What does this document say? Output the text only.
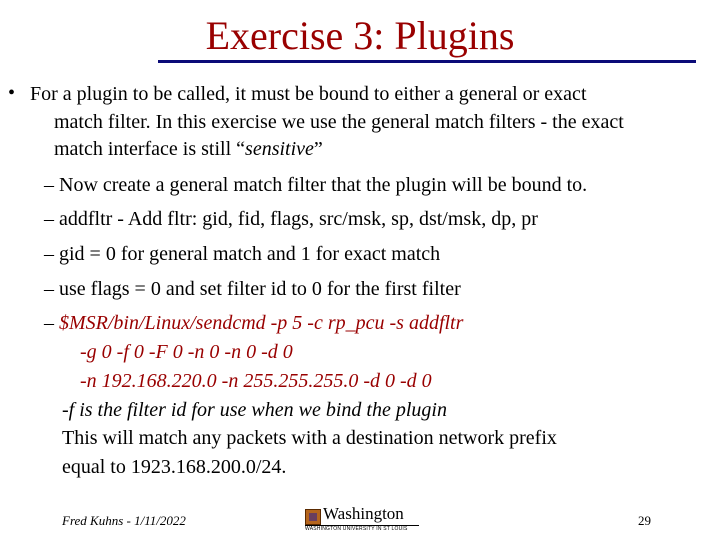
Exercise 3: Plugins
• For a plugin to be called, it must be bound to either a general or exact
match filter. In this exercise we use the general match filters - the exact
match interface is still “sensitive”
– Now create a general match filter that the plugin will be bound to.
– addfltr - Add fltr: gid, fid, flags, src/msk, sp, dst/msk, dp, pr
– gid = 0 for general match and 1 for exact match
– use flags = 0 and set filter id to 0 for the first filter
– $MSR/bin/Linux/sendcmd -p 5 -c rp_pcu -s addfltr
-g 0 -f 0 -F 0 -n 0 -n 0 -d 0
-n 192.168.220.0 -n 255.255.255.0 -d 0 -d 0
-f is the filter id for use when we bind the plugin
This will match any packets with a destination network prefix
equal to 1923.168.200.0/24.
Fred Kuhns - 1/11/2022	Washington
WASHINGTON UNIVERSITY IN ST LOUIS
29
